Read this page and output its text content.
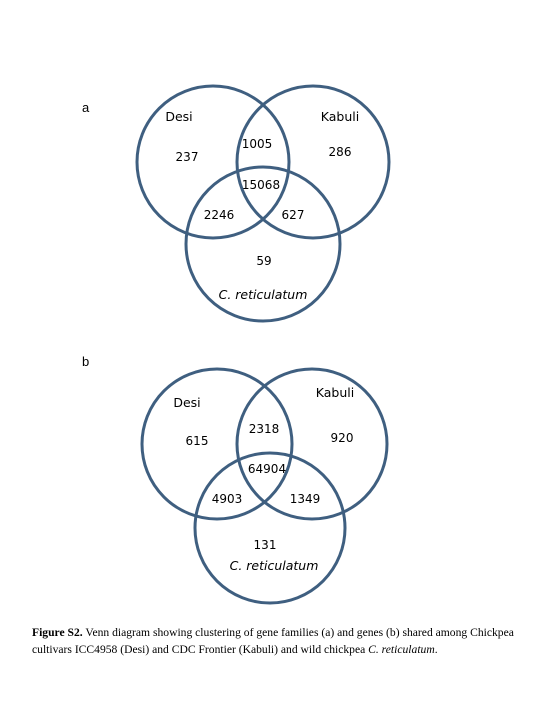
a
Desi	Kabuli
C. reticulatum
237	286
1005
15068
2246	627
59
b
Desi
Kabuli
C. reticulatum
615	920
2318
64904
4903	1349
131
Figure S2. Venn diagram showing clustering of gene families (a) and genes (b) shared among Chickpea cultivars ICC4958 (Desi) and CDC Frontier (Kabuli) and wild chickpea C. reticulatum.
